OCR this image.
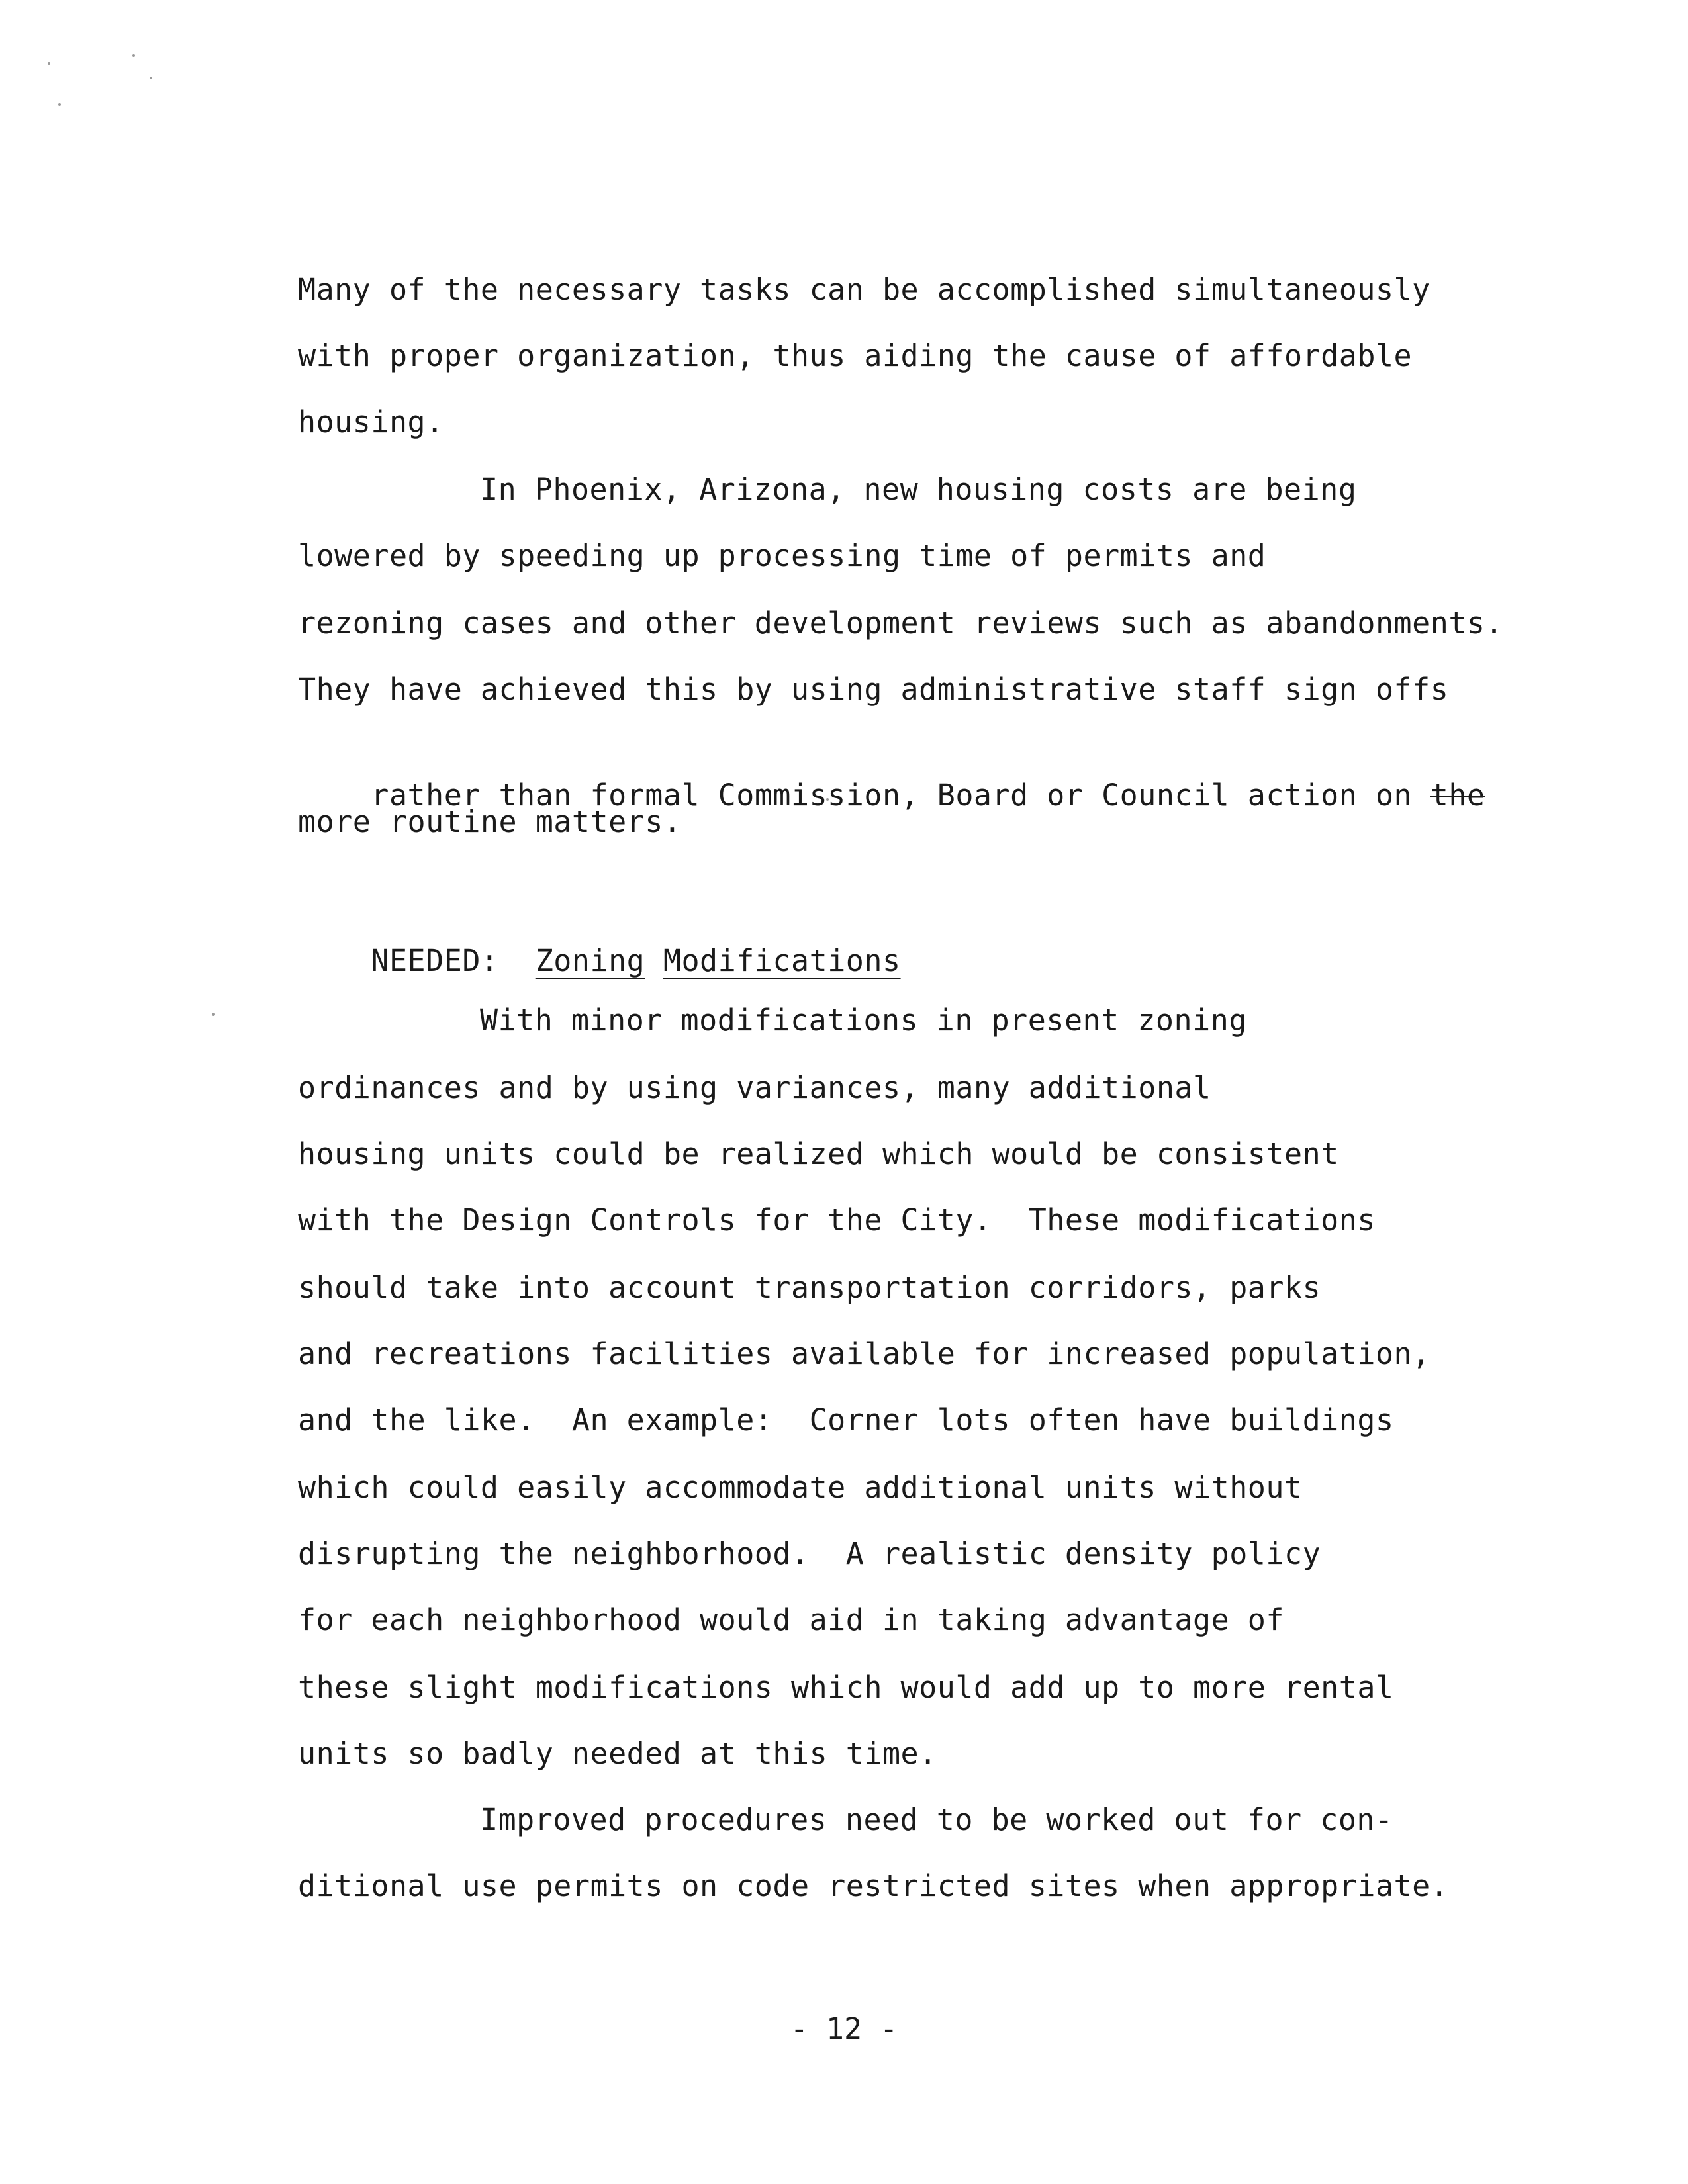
Many of the necessary tasks can be accomplished simultaneously
with proper organization, thus aiding the cause of affordable
housing.
In Phoenix, Arizona, new housing costs are being
lowered by speeding up processing time of permits and
rezoning cases and other development reviews such as abandonments.
They have achieved this by using administrative staff sign offs

rather than formal Commission, Board or Council action on the

more routine matters.

NEEDED: Zoning Modifications

With minor modifications in present zoning
ordinances and by using variances, many additional
housing units could be realized which would be consistent
with the Design Controls for the City.  These modifications
should take into account transportation corridors, parks
and recreations facilities available for increased population,
and the like.  An example:  Corner lots often have buildings
which could easily accommodate additional units without
disrupting the neighborhood.  A realistic density policy
for each neighborhood would aid in taking advantage of
these slight modifications which would add up to more rental
units so badly needed at this time.
Improved procedures need to be worked out for con-
ditional use permits on code restricted sites when appropriate.
- 12 -
